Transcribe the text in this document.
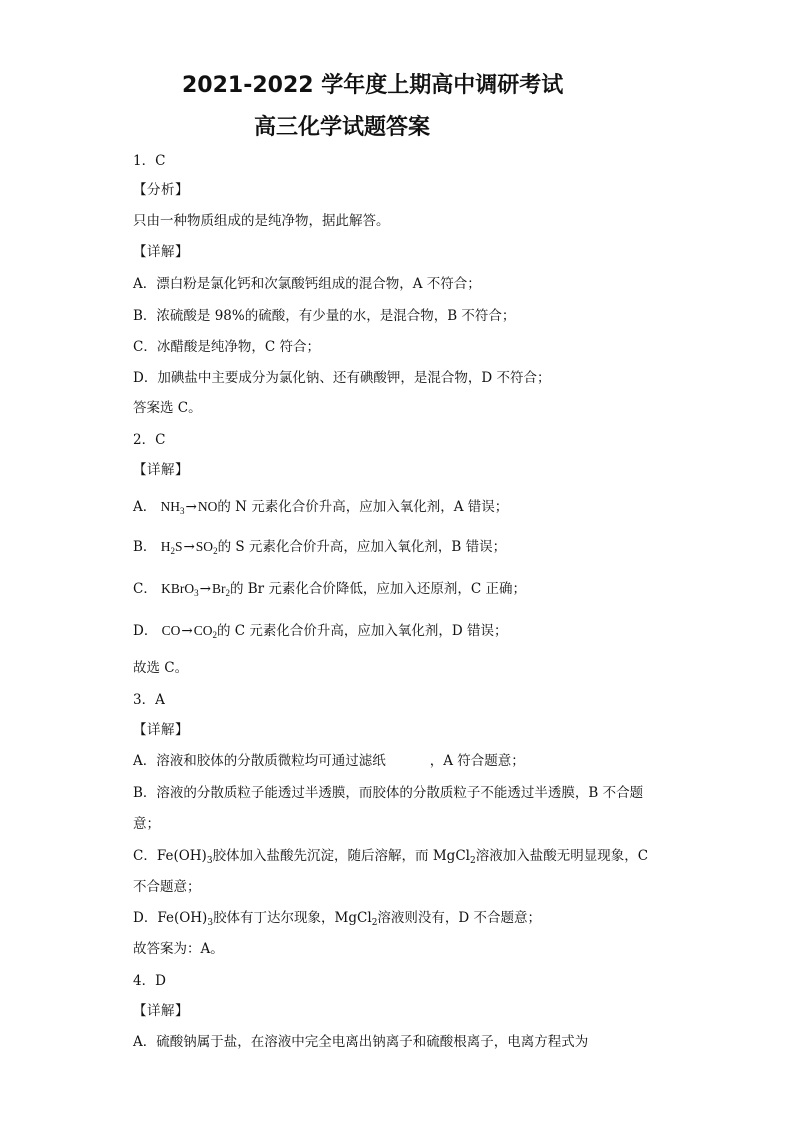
2021-2022 学年度上期高中调研考试
高三化学试题答案
1．C
【分析】
只由一种物质组成的是纯净物，据此解答。
【详解】
A．漂白粉是氯化钙和次氯酸钙组成的混合物，A 不符合；
B．浓硫酸是 98%的硫酸，有少量的水，是混合物，B 不符合；
C．冰醋酸是纯净物，C 符合；
D．加碘盐中主要成分为氯化钠、还有碘酸钾，是混合物，D 不符合；
答案选 C。
2．C
【详解】
A． $NH_3\to NO$的 N 元素化合价升高，应加入氧化剂，A 错误；
B． $H_2S\to SO_2$的 S 元素化合价升高，应加入氧化剂，B 错误；
C． $KBrO_3\to Br_2$的 Br 元素化合价降低，应加入还原剂，C 正确；
D． $CO\to CO_2$的 C 元素化合价升高，应加入氧化剂，D 错误；
故选 C。
3．A
【详解】
A．溶液和胶体的分散质微粒均可通过滤纸	，A 符合题意；
B．溶液的分散质粒子能透过半透膜，而胶体的分散质粒子不能透过半透膜，B 不合题
意；
C．$Fe(OH)_3$胶体加入盐酸先沉淀，随后溶解，而 MgCl$_2$溶液加入盐酸无明显现象，C
不合题意；
D．$Fe(OH)_3$胶体有丁达尔现象，MgCl$_2$溶液则没有，D 不合题意；
故答案为：A。
4．D
【详解】
A．硫酸钠属于盐，在溶液中完全电离出钠离子和硫酸根离子，电离方程式为
